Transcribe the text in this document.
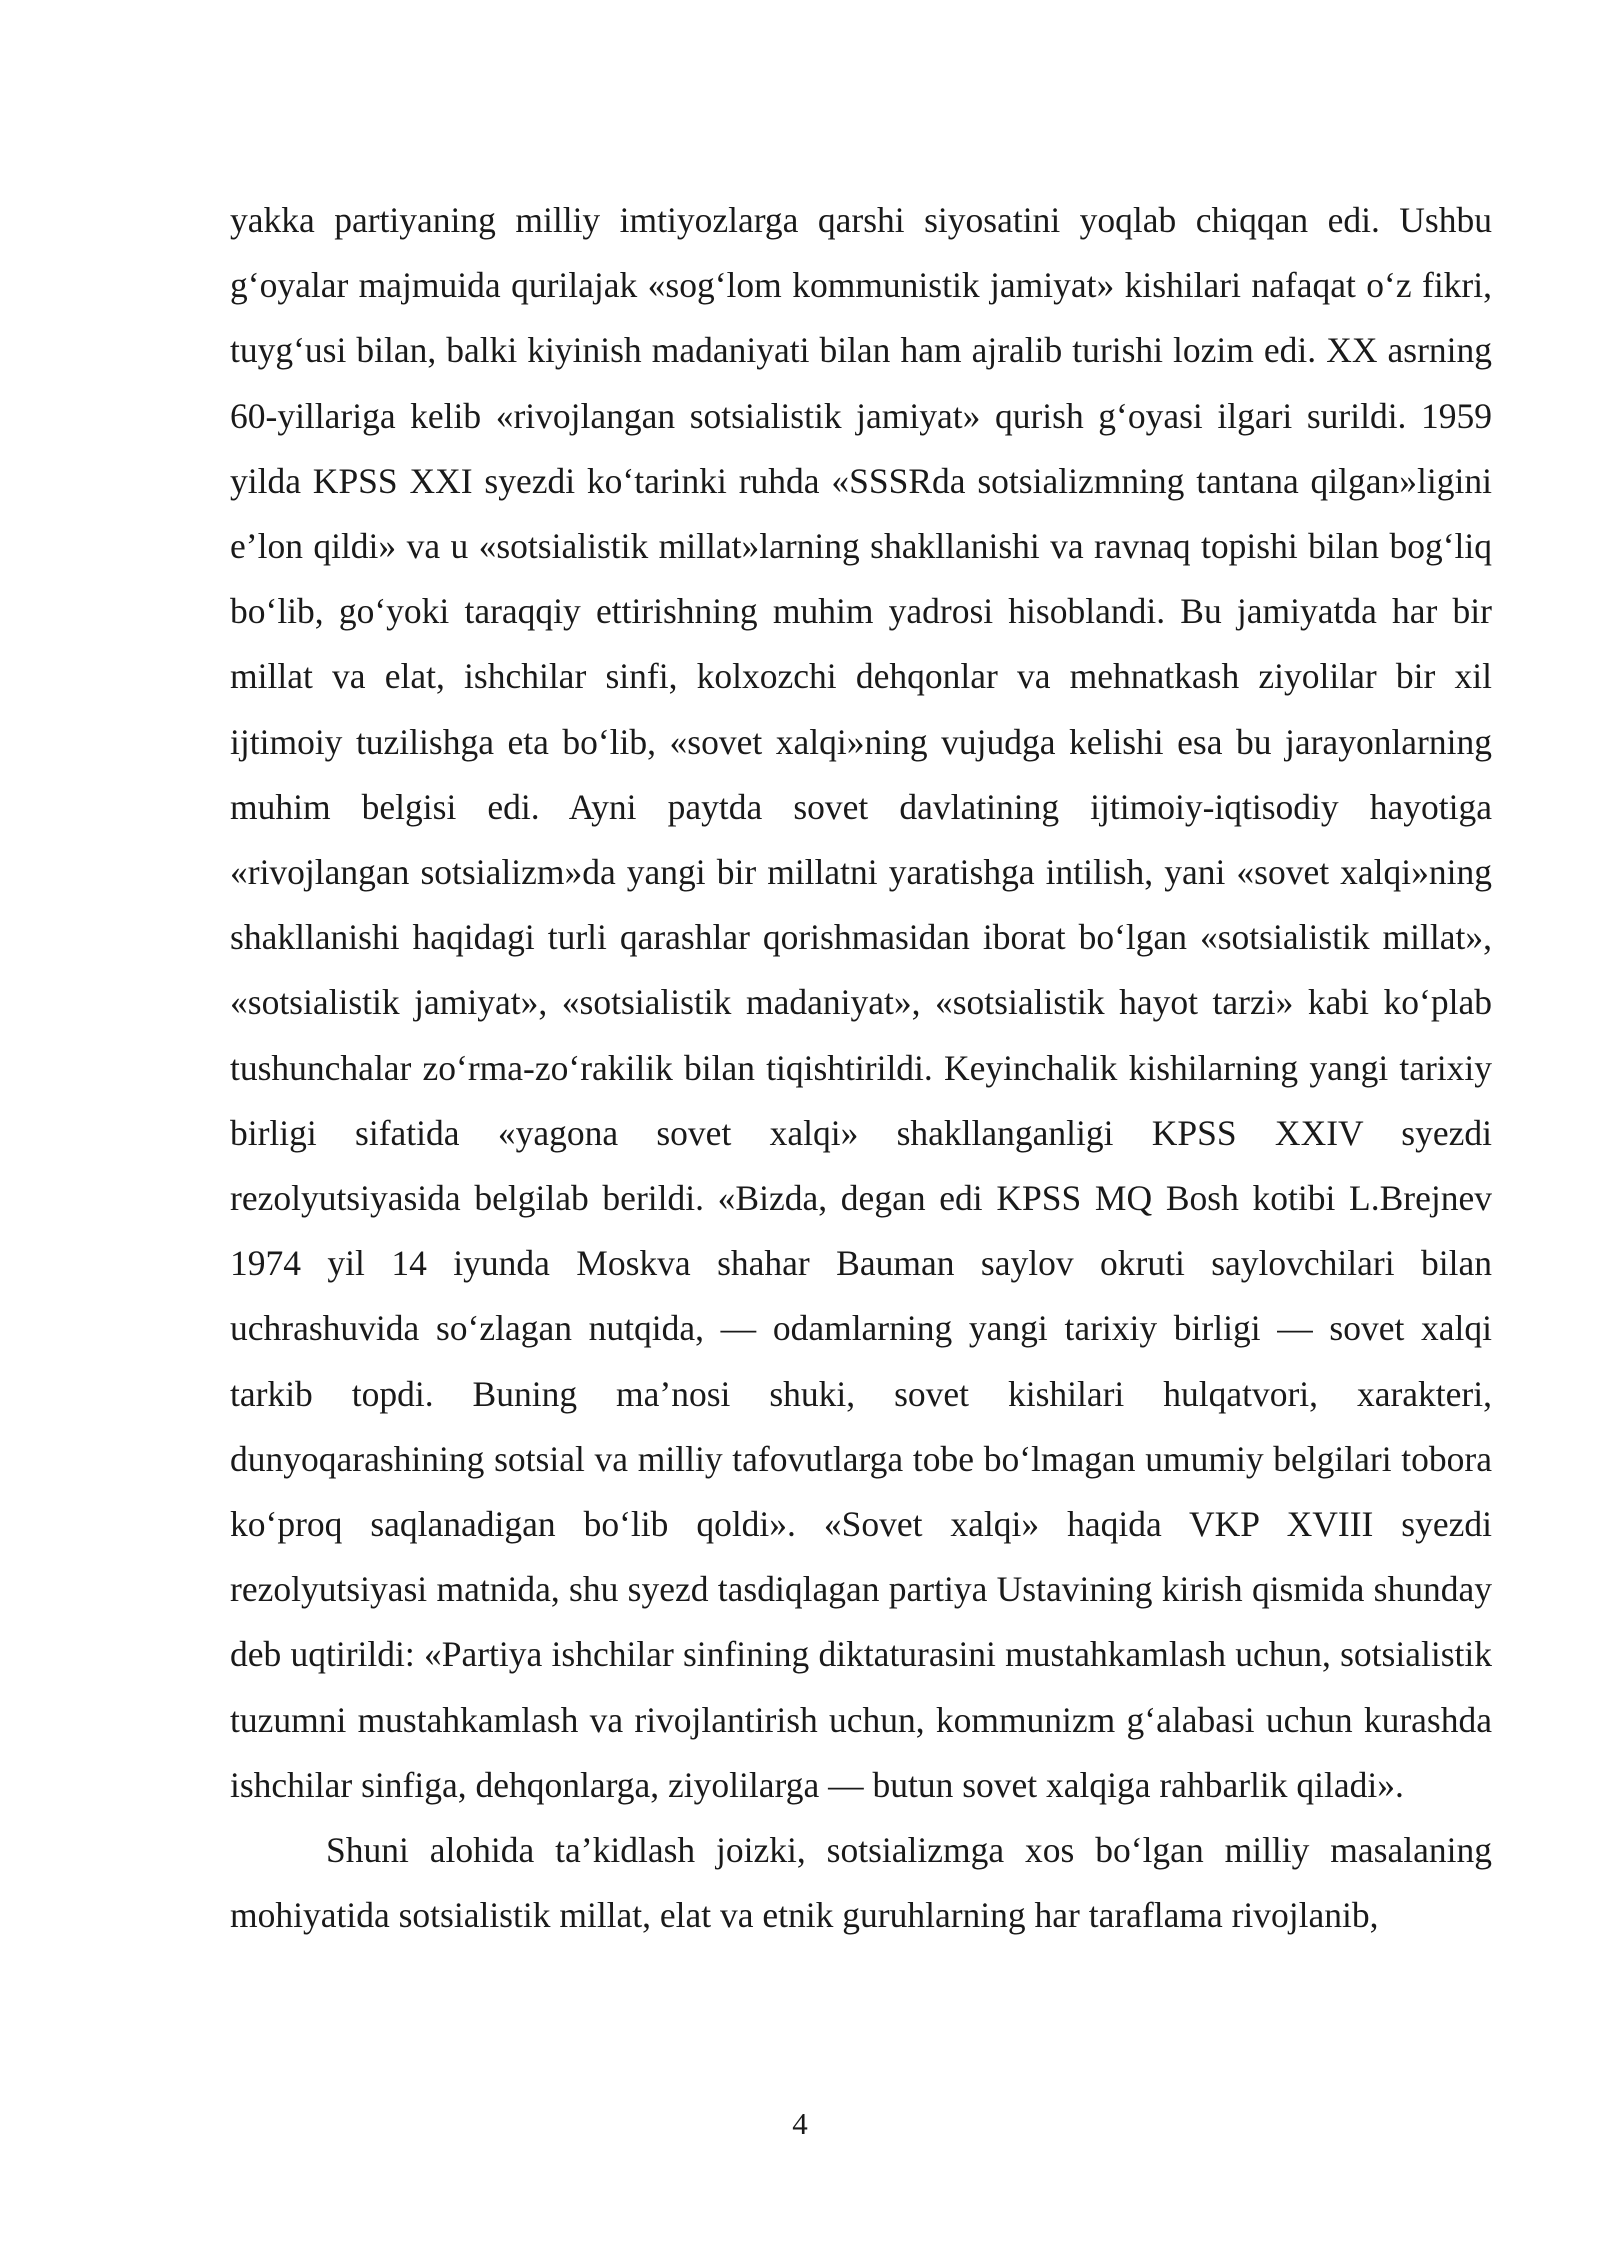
yakka partiyaning milliy imtiyozlarga qarshi siyosatini yoqlab chiqqan edi. Ushbu g‘oyalar majmuida qurilajak «sog‘lom kommunistik jamiyat» kishilari nafaqat o‘z fikri, tuyg‘usi bilan, balki kiyinish madaniyati bilan ham ajralib turishi lozim edi. XX asrning 60-yillariga kelib «rivojlangan sotsialistik jamiyat» qurish g‘oyasi ilgari surildi. 1959 yilda KPSS XXI syezdi ko‘tarinki ruhda «SSSRda sotsializmning tantana qilgan»ligini e’lon qildi» va u «sotsialistik millat»larning shakllanishi va ravnaq topishi bilan bog‘liq bo‘lib, go‘yoki taraqqiy ettirishning muhim yadrosi hisoblandi. Bu jamiyatda har bir millat va elat, ishchilar sinfi, kolxozchi dehqonlar va mehnatkash ziyolilar bir xil ijtimoiy tuzilishga eta bo‘lib, «sovet xalqi»ning vujudga kelishi esa bu jarayonlarning muhim belgisi edi. Ayni paytda sovet davlatining ijtimoiy-iqtisodiy hayotiga «rivojlangan sotsializm»da yangi bir millatni yaratishga intilish, yani «sovet xalqi»ning shakllanishi haqidagi turli qarashlar qorishmasidan iborat bo‘lgan «sotsialistik millat», «sotsialistik jamiyat», «sotsialistik madaniyat», «sotsialistik hayot tarzi» kabi ko‘plab tushunchalar zo‘rma-zo‘rakilik bilan tiqishtirildi. Keyinchalik kishilarning yangi tarixiy birligi sifatida «yagona sovet xalqi» shakllanganligi KPSS XXIV syezdi rezolyutsiyasida belgilab berildi. «Bizda, degan edi KPSS MQ Bosh kotibi L.Brejnev 1974 yil 14 iyunda Moskva shahar Bauman saylov okruti saylovchilari bilan uchrashuvida so‘zlagan nutqida, — odamlarning yangi tarixiy birligi — sovet xalqi tarkib topdi. Buning ma’nosi shuki, sovet kishilari hulqatvori, xarakteri, dunyoqarashining sotsial va milliy tafovutlarga tobe bo‘lmagan umumiy belgilari tobora ko‘proq saqlanadigan bo‘lib qoldi». «Sovet xalqi» haqida VKP XVIII syezdi rezolyutsiyasi matnida, shu syezd tasdiqlagan partiya Ustavining kirish qismida shunday deb uqtirildi: «Partiya ishchilar sinfining diktaturasini mustahkamlash uchun, sotsialistik tuzumni mustahkamlash va rivojlantirish uchun, kommunizm g‘alabasi uchun kurashda ishchilar sinfiga, dehqonlarga, ziyolilarga — butun sovet xalqiga rahbarlik qiladi».

Shuni alohida ta’kidlash joizki, sotsializmga xos bo‘lgan milliy masalaning mohiyatida sotsialistik millat, elat va etnik guruhlarning har taraflama rivojlanib,

4
